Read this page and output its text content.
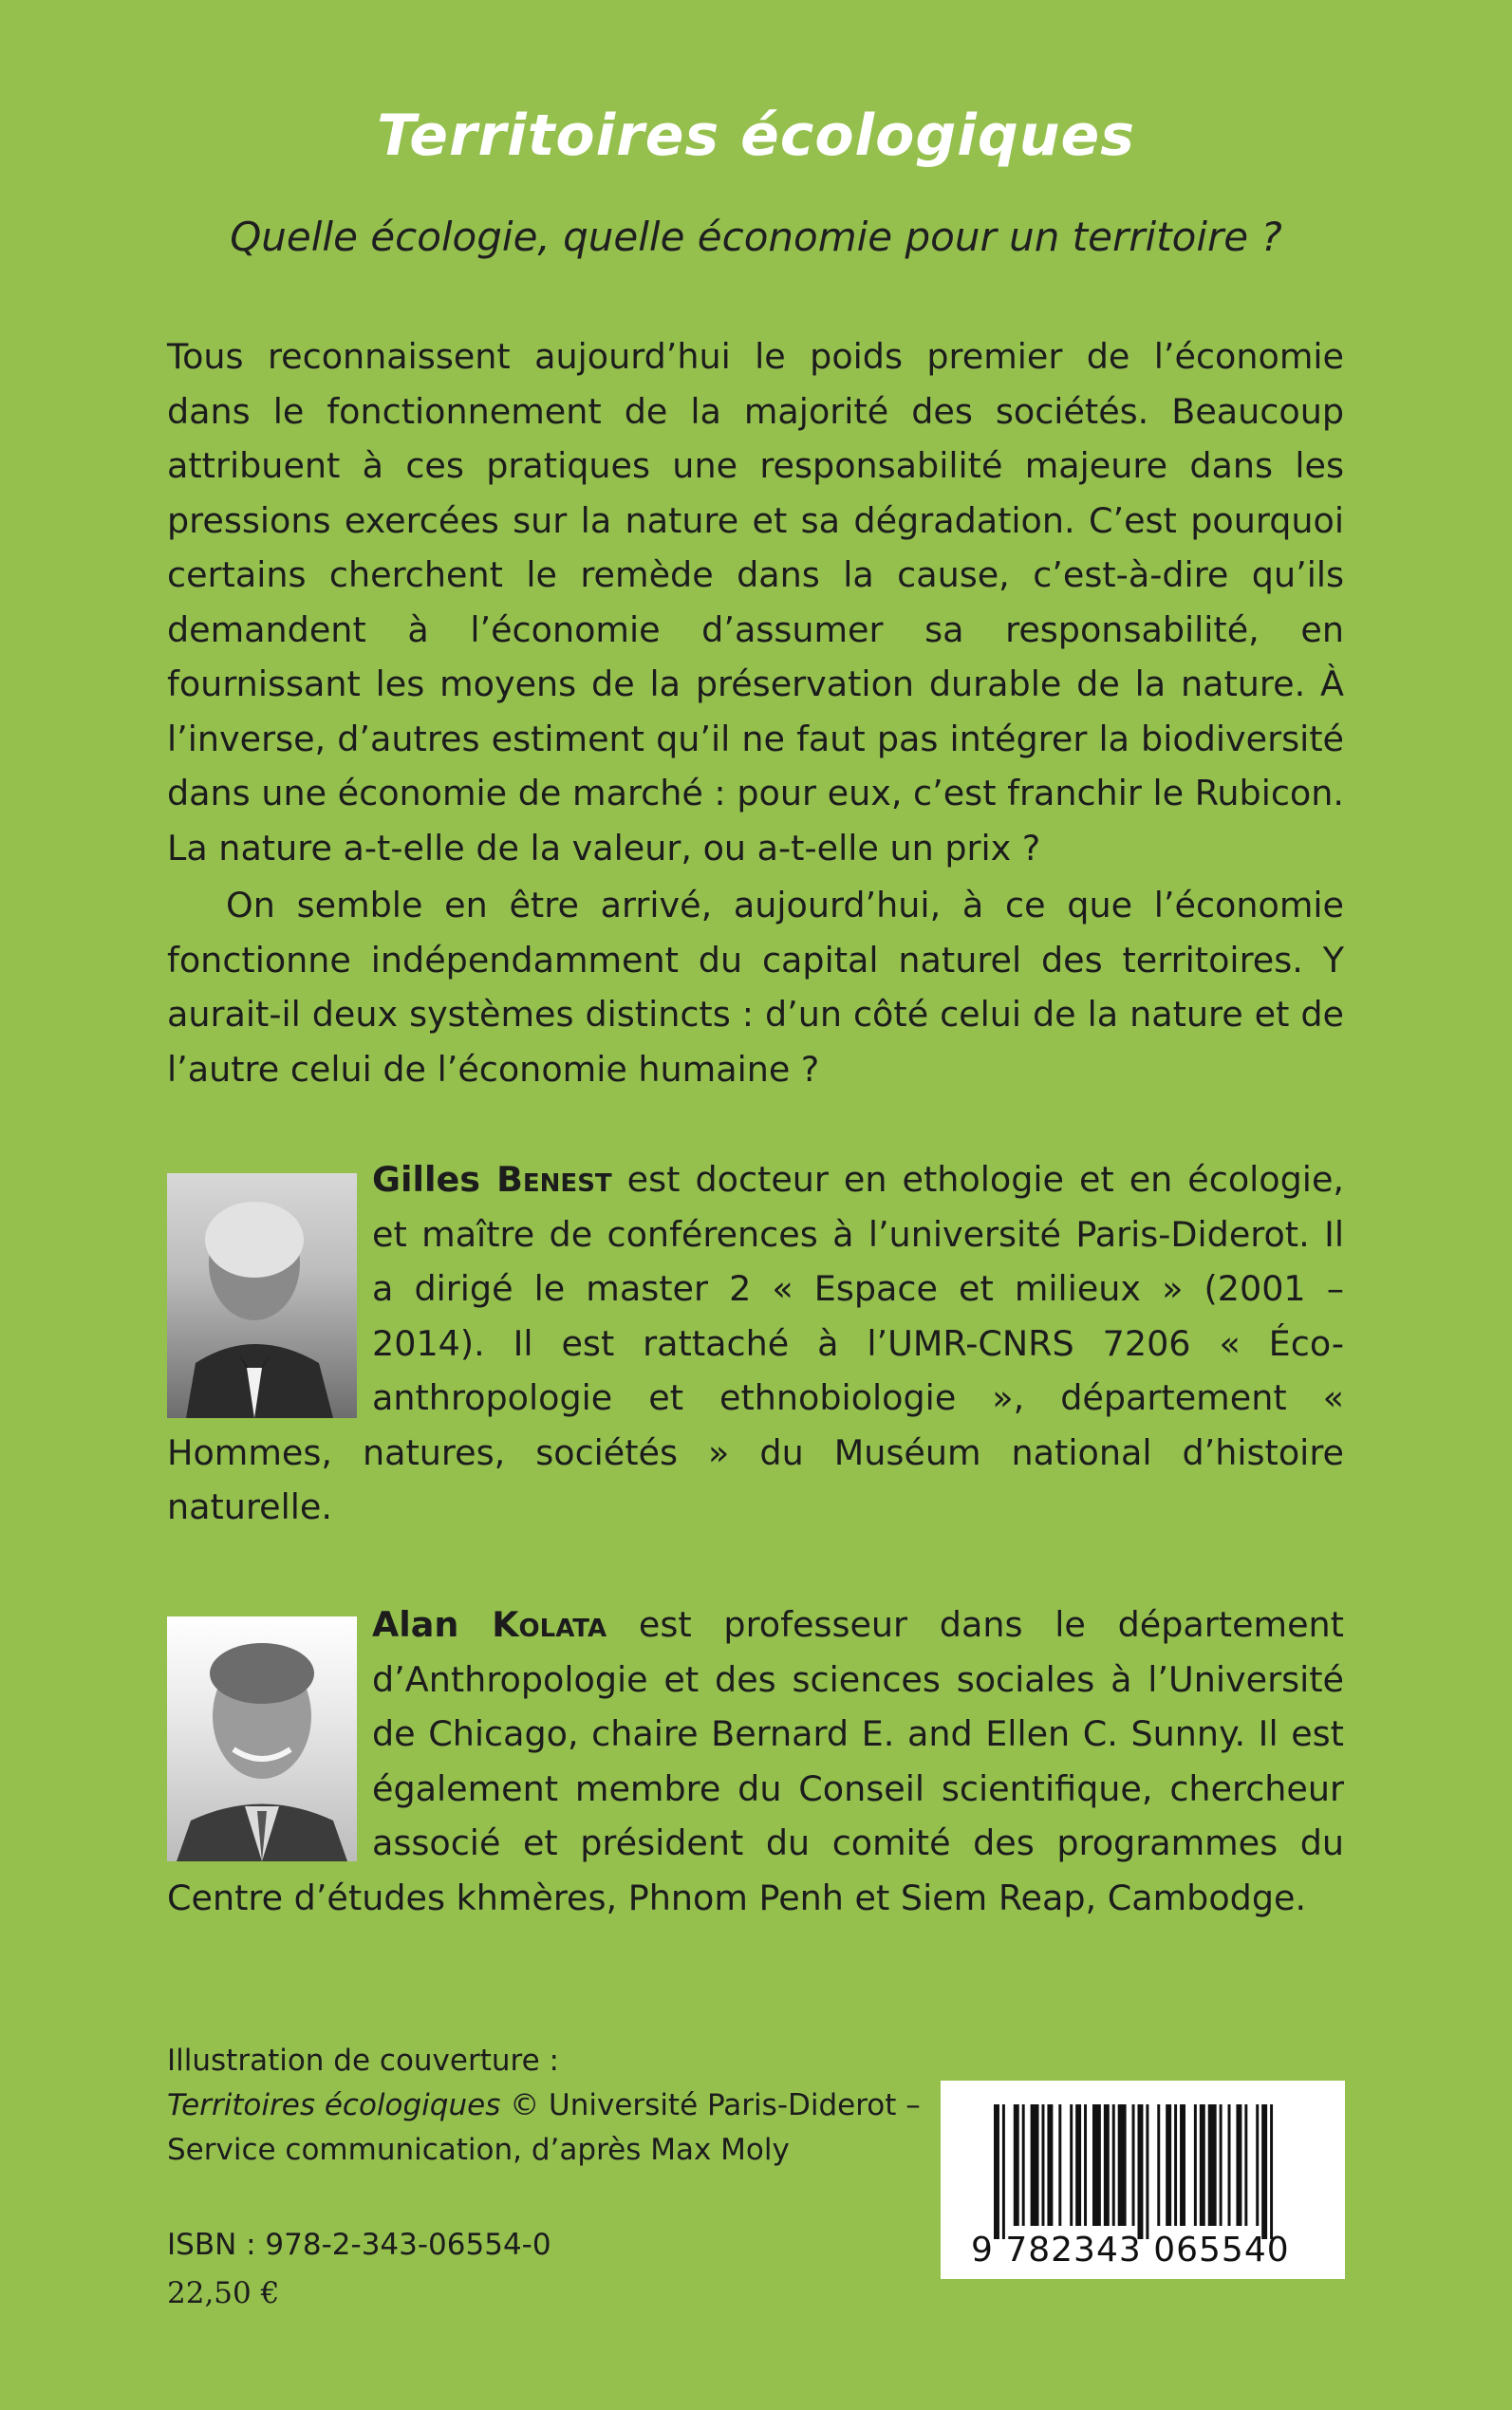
Territoires écologiques
Quelle écologie, quelle économie pour un territoire ?

Tous reconnaissent aujourd’hui le poids premier de l’économie dans le fonctionnement de la majorité des sociétés. Beaucoup attribuent à ces pratiques une responsabilité majeure dans les pressions exercées sur la nature et sa dégradation. C’est pourquoi certains cherchent le remède dans la cause, c’est-à-dire qu’ils demandent à l’économie d’assumer sa responsabilité, en fournissant les moyens de la préservation durable de la nature. À l’inverse, d’autres estiment qu’il ne faut pas intégrer la biodiversité dans une économie de marché : pour eux, c’est franchir le Rubicon. La nature a-t-elle de la valeur, ou a-t-elle un prix ?

On semble en être arrivé, aujourd’hui, à ce que l’économie fonctionne indépendamment du capital naturel des territoires. Y aurait-il deux systèmes distincts : d’un côté celui de la nature et de l’autre celui de l’économie humaine ?

Gilles Benest est docteur en ethologie et en écologie, et maître de conférences à l’université Paris-Diderot. Il a dirigé le master 2 « Espace et milieux » (2001 – 2014). Il est rattaché à l’UMR-CNRS 7206 « Éco-anthropologie et ethnobiologie », département « Hommes, natures, sociétés » du Muséum national d’histoire naturelle.

Alan Kolata est professeur dans le département d’Anthropologie et des sciences sociales à l’Université de Chicago, chaire Bernard E. and Ellen C. Sunny. Il est également membre du Conseil scientifique, chercheur associé et président du comité des programmes du Centre d’études khmères, Phnom Penh et Siem Reap, Cambodge.

Illustration de couverture :
Territoires écologiques © Université Paris-Diderot –
Service communication, d’après Max Moly
ISBN : 978-2-343-06554-0
22,50 €
9 782343 065540
